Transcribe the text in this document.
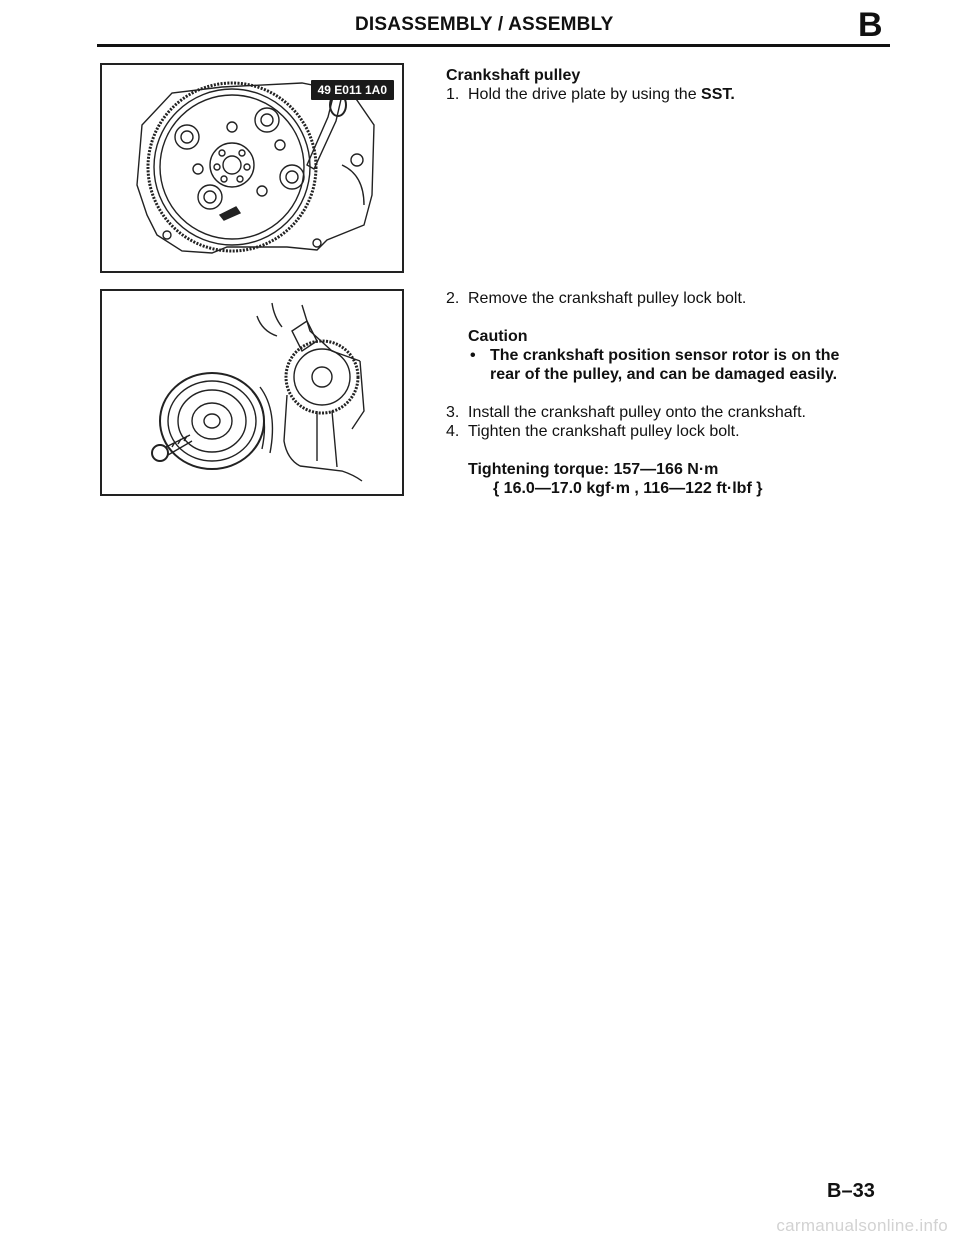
DISASSEMBLY / ASSEMBLY	B
49 E011 1A0
Crankshaft pulley
1. Hold the drive plate by using the SST.
2. Remove the crankshaft pulley lock bolt.
Caution
• The crankshaft position sensor rotor is on the
rear of the pulley, and can be damaged easily.
3. Install the crankshaft pulley onto the crankshaft.
4. Tighten the crankshaft pulley lock bolt.
Tightening torque: 157—166 N·m
{ 16.0—17.0 kgf·m , 116—122 ft·lbf }
B–33
carmanualsonline.info
